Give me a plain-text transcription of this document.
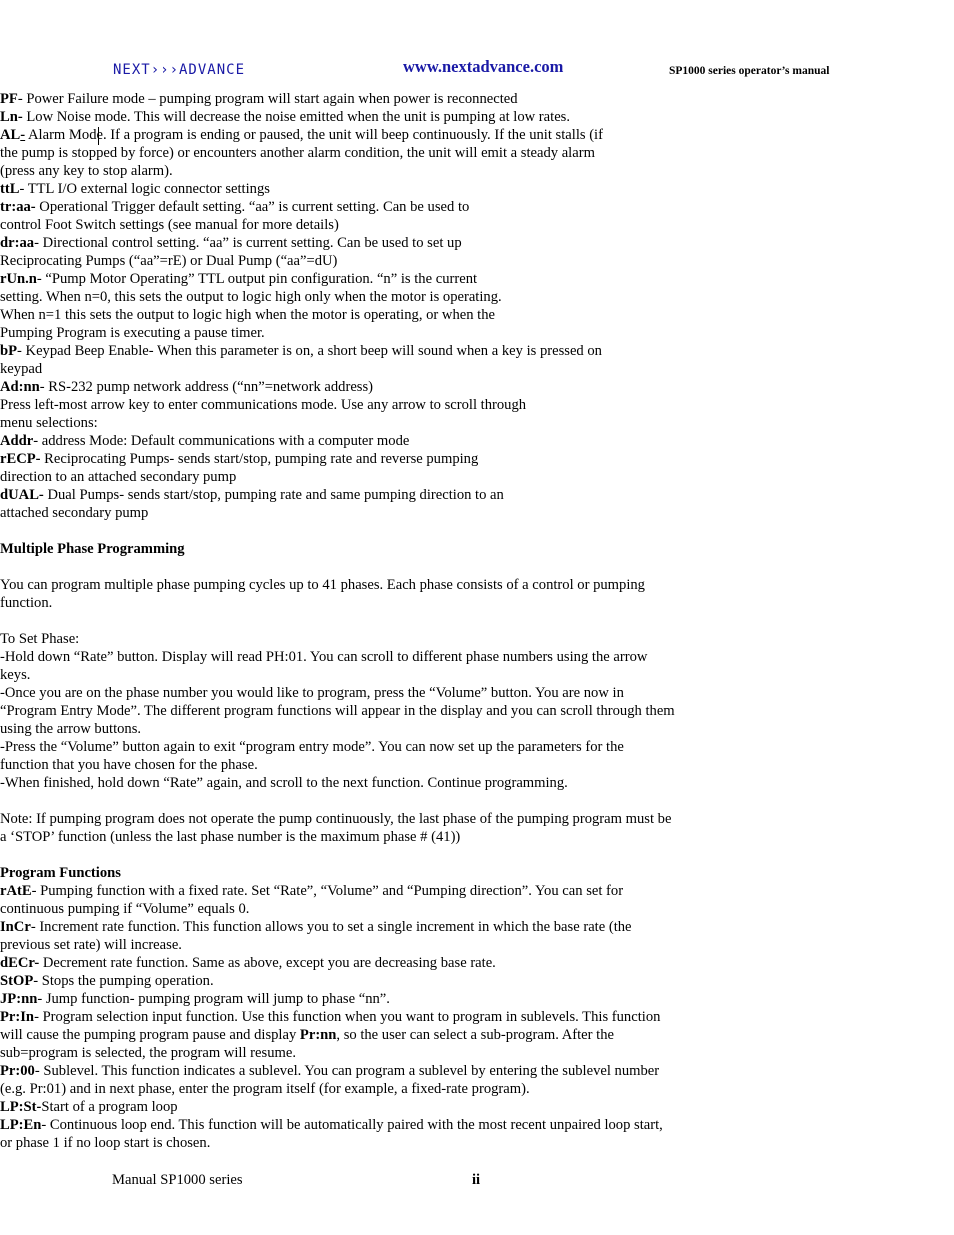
NEXT›››ADVANCE	www.nextadvance.com	SP1000 series operator’s manual
PF- Power Failure mode – pumping program will start again when power is reconnected
Ln- Low Noise mode. This will decrease the noise emitted when the unit is pumping at low rates.
AL- Alarm Mode. If a program is ending or paused, the unit will beep continuously. If the unit stalls (if the pump is stopped by force) or encounters another alarm condition, the unit will emit a steady alarm (press any key to stop alarm).
ttL- TTL I/O external logic connector settings
tr:aa- Operational Trigger default setting. “aa” is current setting. Can be used to control Foot Switch settings (see manual for more details)
dr:aa- Directional control setting. “aa” is current setting. Can be used to set up Reciprocating Pumps (“aa”=rE) or Dual Pump (“aa”=dU)
rUn.n- “Pump Motor Operating” TTL output pin configuration. “n” is the current setting. When n=0, this sets the output to logic high only when the motor is operating. When n=1 this sets the output to logic high when the motor is operating, or when the Pumping Program is executing a pause timer.
bP- Keypad Beep Enable- When this parameter is on, a short beep will sound when a key is pressed on keypad
Ad:nn- RS-232 pump network address (“nn”=network address)
Press left-most arrow key to enter communications mode. Use any arrow to scroll through menu selections:
Addr- address Mode: Default communications with a computer mode
rECP- Reciprocating Pumps- sends start/stop, pumping rate and reverse pumping direction to an attached secondary pump
dUAL- Dual Pumps- sends start/stop, pumping rate and same pumping direction to an attached secondary pump
Multiple Phase Programming
You can program multiple phase pumping cycles up to 41 phases. Each phase consists of a control or pumping function.
To Set Phase:
-Hold down “Rate” button. Display will read PH:01. You can scroll to different phase numbers using the arrow keys.
-Once you are on the phase number you would like to program, press the “Volume” button. You are now in “Program Entry Mode”. The different program functions will appear in the display and you can scroll through them using the arrow buttons.
-Press the “Volume” button again to exit “program entry mode”. You can now set up the parameters for the function that you have chosen for the phase.
-When finished, hold down “Rate” again, and scroll to the next function. Continue programming.
Note: If pumping program does not operate the pump continuously, the last phase of the pumping program must be a ‘STOP’ function (unless the last phase number is the maximum phase # (41))
Program Functions
rAtE- Pumping function with a fixed rate. Set “Rate”, “Volume” and “Pumping direction”. You can set for continuous pumping if “Volume” equals 0.
InCr- Increment rate function. This function allows you to set a single increment in which the base rate (the previous set rate) will increase.
dECr- Decrement rate function. Same as above, except you are decreasing base rate.
StOP- Stops the pumping operation.
JP:nn- Jump function- pumping program will jump to phase “nn”.
Pr:In- Program selection input function. Use this function when you want to program in sublevels. This function will cause the pumping program pause and display Pr:nn, so the user can select a sub-program. After the sub=program is selected, the program will resume.
Pr:00- Sublevel. This function indicates a sublevel. You can program a sublevel by entering the sublevel number (e.g. Pr:01) and in next phase, enter the program itself (for example, a fixed-rate program).
LP:St-Start of a program loop
LP:En- Continuous loop end. This function will be automatically paired with the most recent unpaired loop start, or phase 1 if no loop start is chosen.
Manual SP1000 series	ii
